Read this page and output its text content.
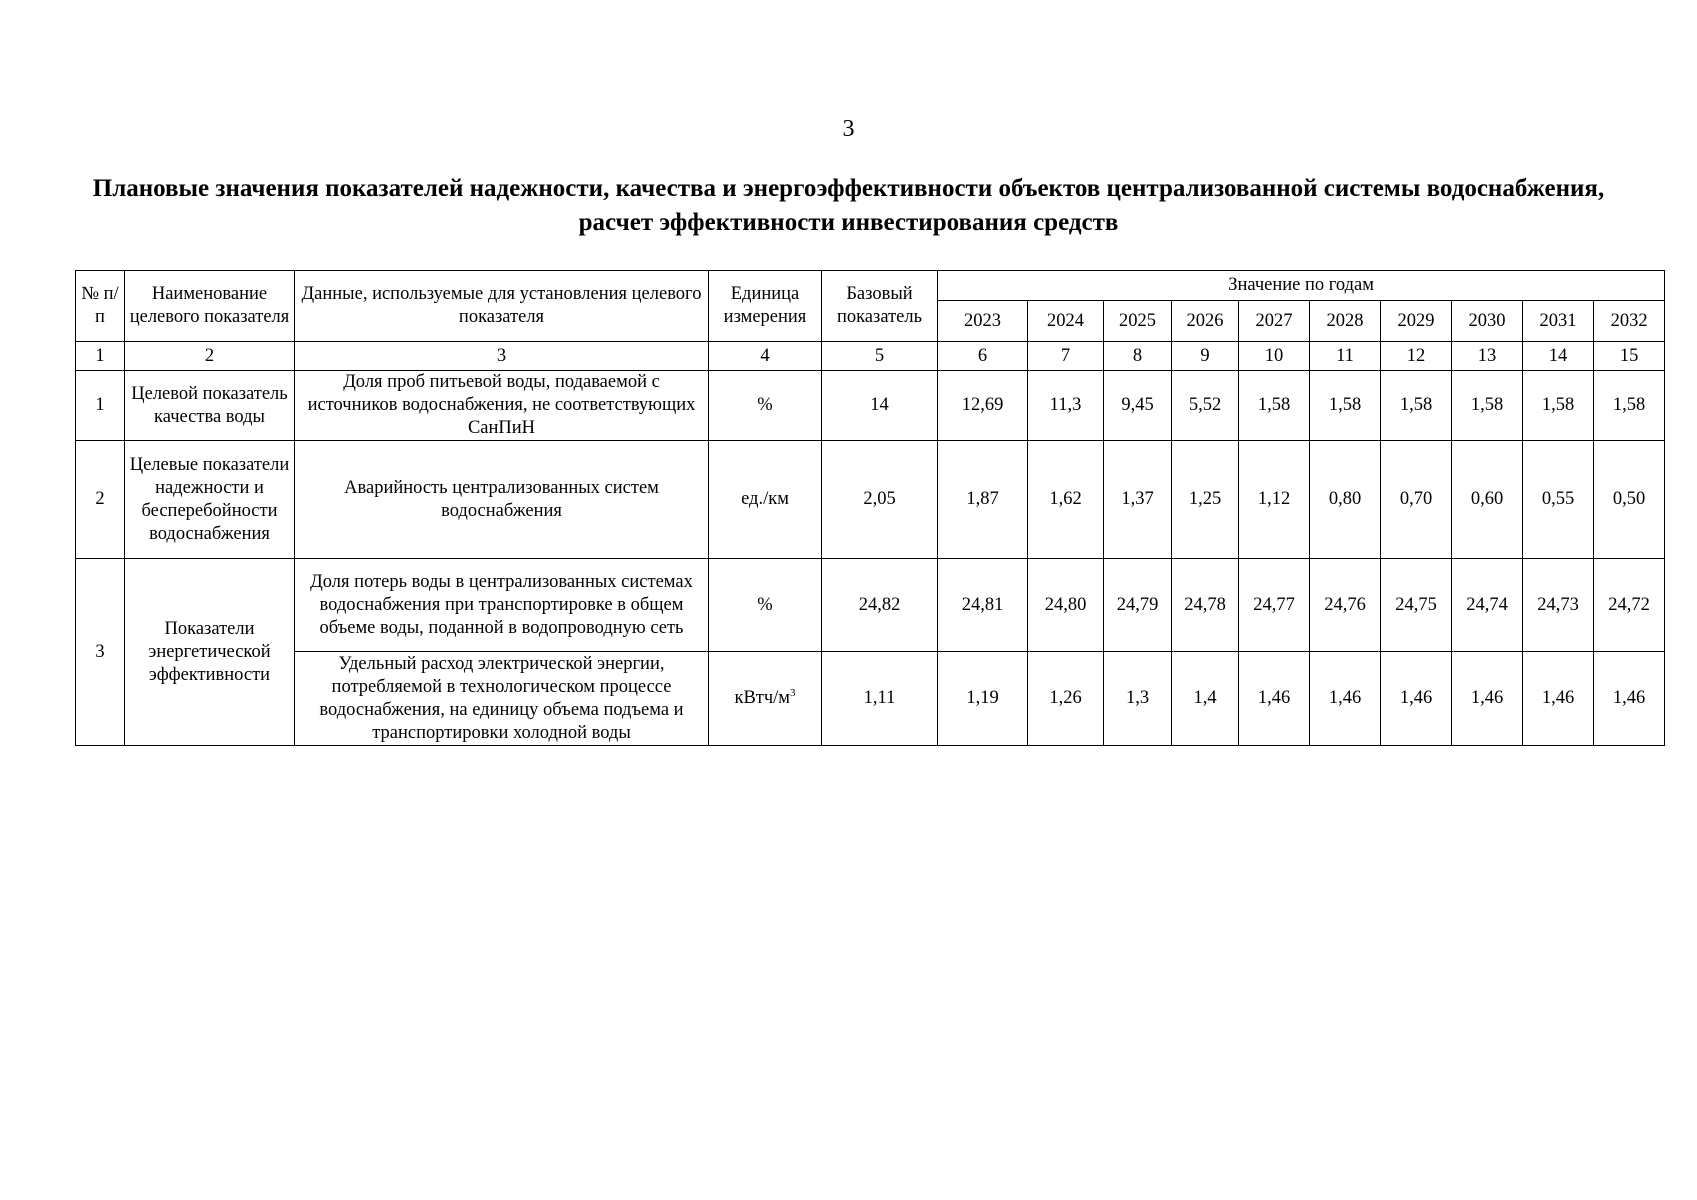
3
Плановые значения показателей надежности, качества и энергоэффективности объектов централизованной системы водоснабжения, расчет эффективности инвестирования средств
№ п/п	Наименование целевого показателя	Данные, используемые для установления целевого показателя	Единица измерения	Базовый показатель	Значение по годам									
					2023	2024	2025	2026	2027	2028	2029	2030	2031	2032
1	2	3	4	5	6	7	8	9	10	11	12	13	14	15
1	Целевой показатель качества воды	Доля проб питьевой воды, подаваемой с источников водоснабжения, не соответствующих СанПиН	%	14	12,69	11,3	9,45	5,52	1,58	1,58	1,58	1,58	1,58	1,58
2	Целевые показатели надежности и бесперебойности водоснабжения	Аварийность централизованных систем водоснабжения	ед./км	2,05	1,87	1,62	1,37	1,25	1,12	0,80	0,70	0,60	0,55	0,50
3	Показатели энергетической эффективности	Доля потерь воды в централизованных системах водоснабжения при транспортировке в общем объеме воды, поданной в водопроводную сеть	%	24,82	24,81	24,80	24,79	24,78	24,77	24,76	24,75	24,74	24,73	24,72
		Удельный расход электрической энергии, потребляемой в технологическом процессе водоснабжения, на единицу объема подъема и транспортировки холодной воды	кВтч/$м^3$	1,11	1,19	1,26	1,3	1,4	1,46	1,46	1,46	1,46	1,46	1,46
